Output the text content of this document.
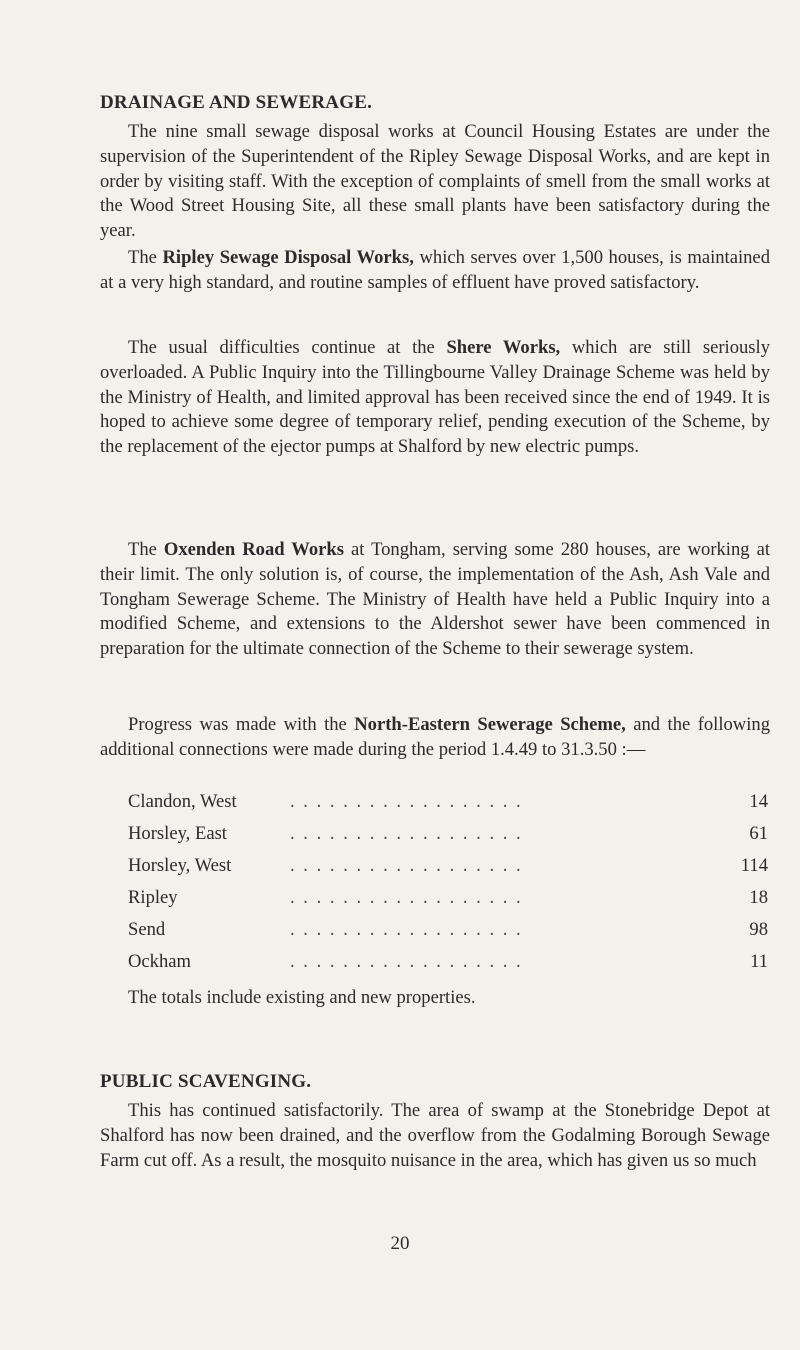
DRAINAGE AND SEWERAGE.
The nine small sewage disposal works at Council Housing Estates are under the supervision of the Superintendent of the Ripley Sewage Disposal Works, and are kept in order by visiting staff. With the exception of complaints of smell from the small works at the Wood Street Housing Site, all these small plants have been satisfactory during the year.
The Ripley Sewage Disposal Works, which serves over 1,500 houses, is maintained at a very high standard, and routine samples of effluent have proved satisfactory.
The usual difficulties continue at the Shere Works, which are still seriously overloaded. A Public Inquiry into the Tillingbourne Valley Drainage Scheme was held by the Ministry of Health, and limited approval has been received since the end of 1949. It is hoped to achieve some degree of temporary relief, pending execution of the Scheme, by the replacement of the ejector pumps at Shalford by new electric pumps.
The Oxenden Road Works at Tongham, serving some 280 houses, are working at their limit. The only solution is, of course, the implementation of the Ash, Ash Vale and Tongham Sewerage Scheme. The Ministry of Health have held a Public Inquiry into a modified Scheme, and extensions to the Aldershot sewer have been commenced in preparation for the ultimate connection of the Scheme to their sewerage system.
Progress was made with the North-Eastern Sewerage Scheme, and the following additional connections were made during the period 1.4.49 to 31.3.50 :—
Clandon, West	. . . . . . . . . . . . . . . . . .	14
Horsley, East	. . . . . . . . . . . . . . . . . .	61
Horsley, West	. . . . . . . . . . . . . . . . . .	114
Ripley	. . . . . . . . . . . . . . . . . .	18
Send	. . . . . . . . . . . . . . . . . .	98
Ockham	. . . . . . . . . . . . . . . . . .	11
The totals include existing and new properties.
PUBLIC SCAVENGING.
This has continued satisfactorily. The area of swamp at the Stonebridge Depot at Shalford has now been drained, and the overflow from the Godalming Borough Sewage Farm cut off. As a result, the mosquito nuisance in the area, which has given us so much
20
